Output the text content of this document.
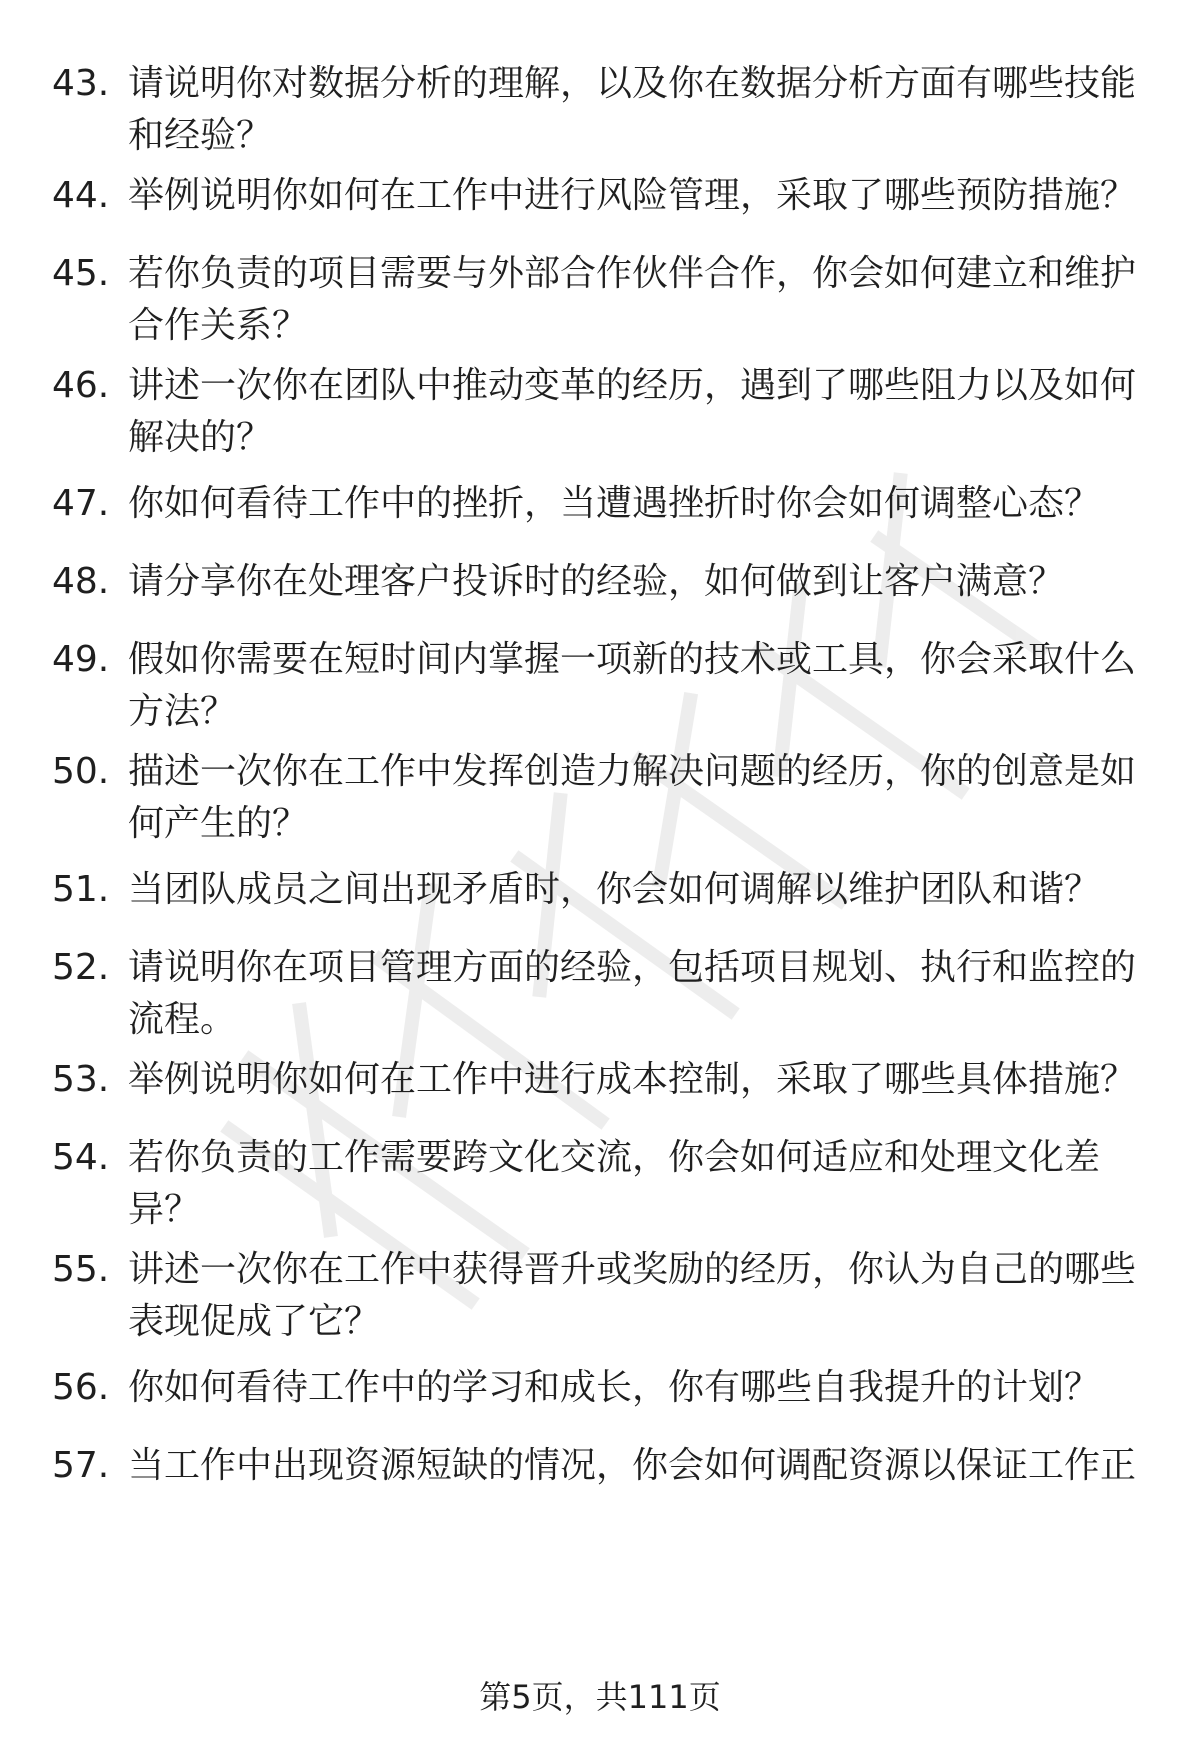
43. 请说明你对数据分析的理解，以及你在数据分析方面有哪些技能
和经验？
44. 举例说明你如何在工作中进行风险管理，采取了哪些预防措施？
45. 若你负责的项目需要与外部合作伙伴合作，你会如何建立和维护
合作关系？
46. 讲述一次你在团队中推动变革的经历，遇到了哪些阻力以及如何
解决的？
47. 你如何看待工作中的挫折，当遭遇挫折时你会如何调整心态？
48. 请分享你在处理客户投诉时的经验，如何做到让客户满意？
49. 假如你需要在短时间内掌握一项新的技术或工具，你会采取什么
方法？
50. 描述一次你在工作中发挥创造力解决问题的经历，你的创意是如
何产生的？
51. 当团队成员之间出现矛盾时，你会如何调解以维护团队和谐？
52. 请说明你在项目管理方面的经验，包括项目规划、执行和监控的
流程。
53. 举例说明你如何在工作中进行成本控制，采取了哪些具体措施？
54. 若你负责的工作需要跨文化交流，你会如何适应和处理文化差
异？
55. 讲述一次你在工作中获得晋升或奖励的经历，你认为自己的哪些
表现促成了它？
56. 你如何看待工作中的学习和成长，你有哪些自我提升的计划？
57. 当工作中出现资源短缺的情况，你会如何调配资源以保证工作正
第5页，共111页
